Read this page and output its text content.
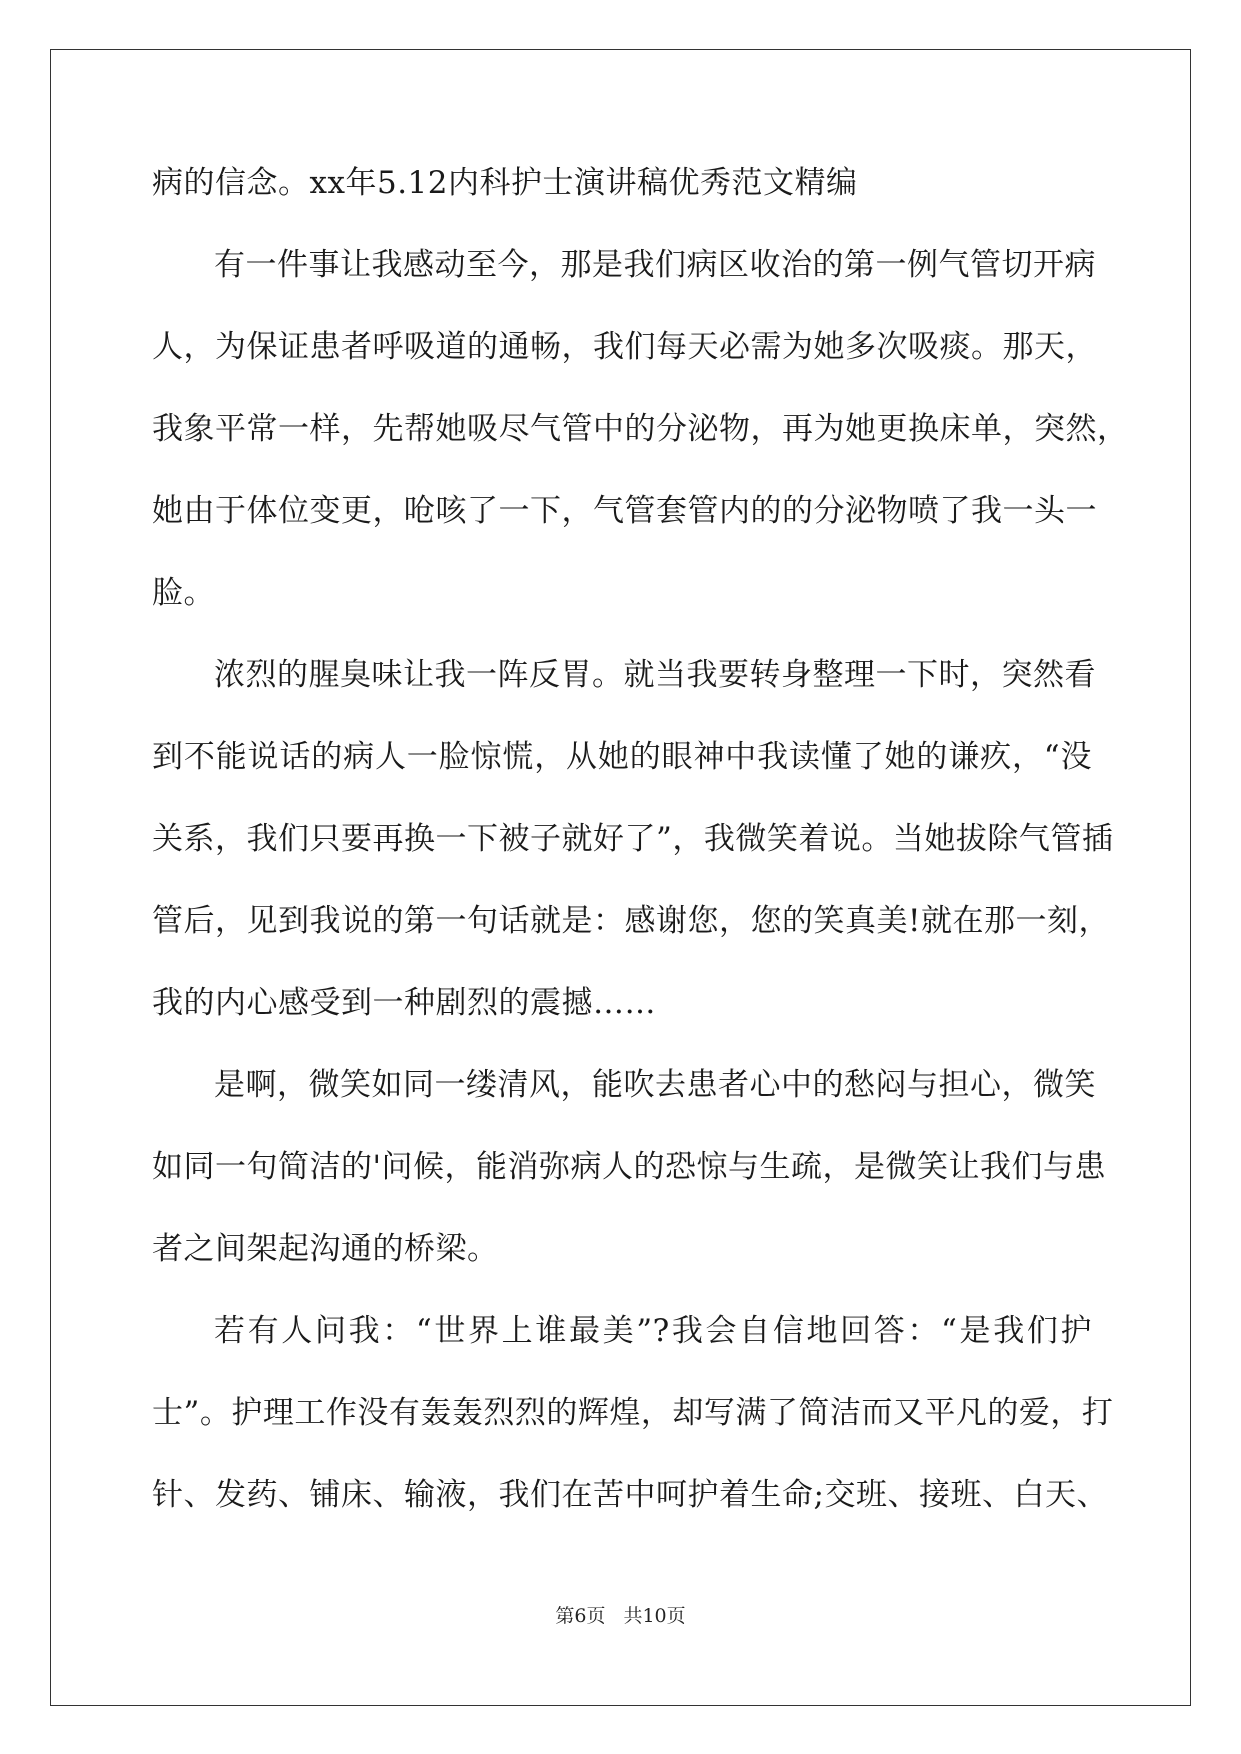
病的信念。xx年5.12内科护士演讲稿优秀范文精编
有一件事让我感动至今，那是我们病区收治的第一例气管切开病
人，为保证患者呼吸道的通畅，我们每天必需为她多次吸痰。那天，
我象平常一样，先帮她吸尽气管中的分泌物，再为她更换床单，突然，
她由于体位变更，呛咳了一下，气管套管内的的分泌物喷了我一头一
脸。
浓烈的腥臭味让我一阵反胃。就当我要转身整理一下时，突然看
到不能说话的病人一脸惊慌，从她的眼神中我读懂了她的谦疚，“没
关系，我们只要再换一下被子就好了”，我微笑着说。当她拔除气管插
管后，见到我说的第一句话就是：感谢您，您的笑真美!就在那一刻，
我的内心感受到一种剧烈的震撼……
是啊，微笑如同一缕清风，能吹去患者心中的愁闷与担心，微笑
如同一句简洁的'问候，能消弥病人的恐惊与生疏，是微笑让我们与患
者之间架起沟通的桥梁。
若有人问我：“世界上谁最美”?我会自信地回答：“是我们护
士”。护理工作没有轰轰烈烈的辉煌，却写满了简洁而又平凡的爱，打
针、发药、铺床、输液，我们在苦中呵护着生命;交班、接班、白天、
第6页 共10页
